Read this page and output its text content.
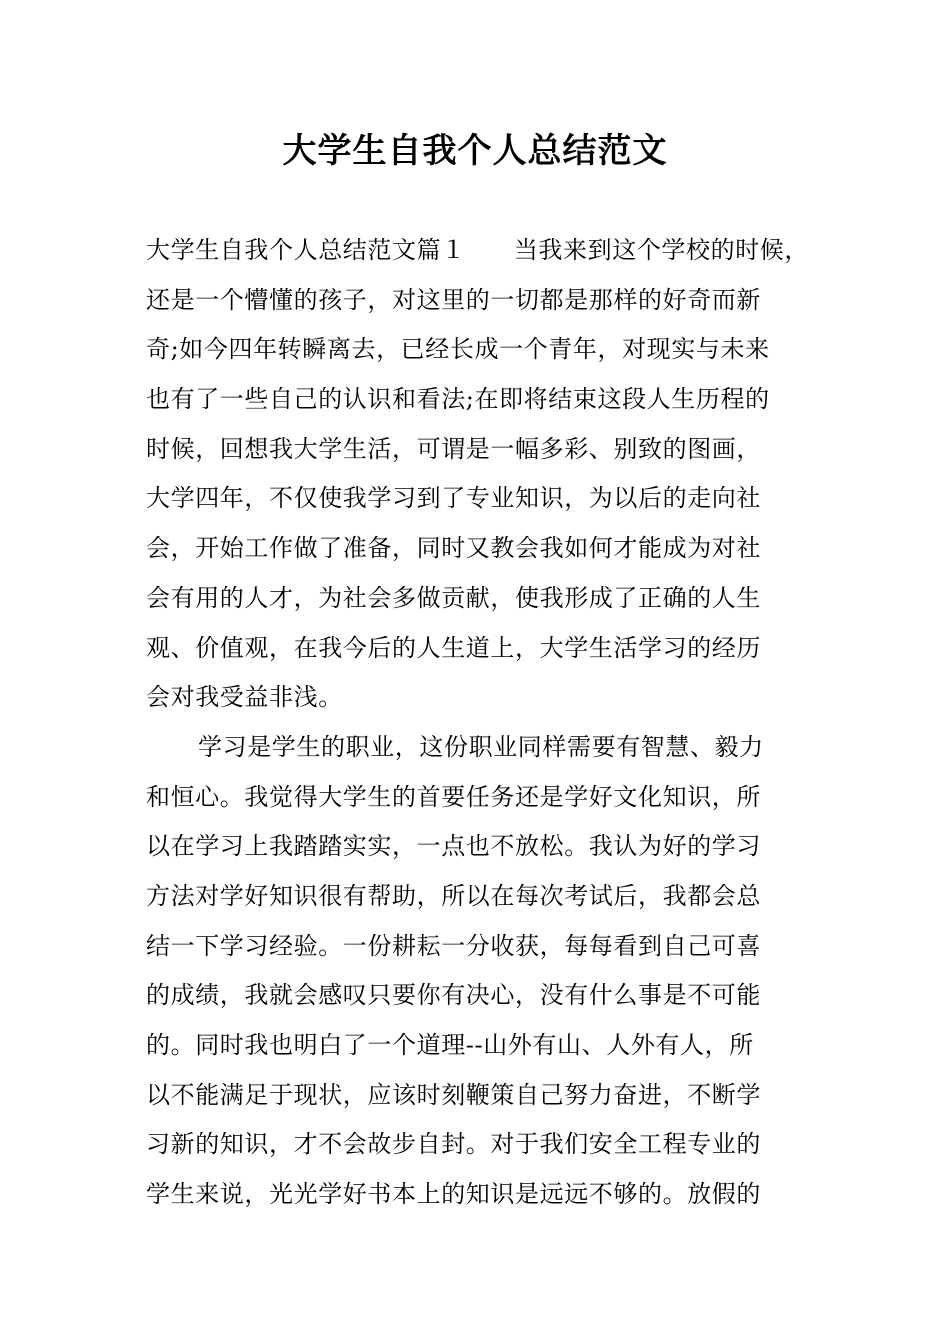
大学生自我个人总结范文
大学生自我个人总结范文篇１ 当我来到这个学校的时候，
还是一个懵懂的孩子，对这里的一切都是那样的好奇而新
奇;如今四年转瞬离去，已经长成一个青年，对现实与未来
也有了一些自己的认识和看法;在即将结束这段人生历程的
时候，回想我大学生活，可谓是一幅多彩、别致的图画，
大学四年，不仅使我学习到了专业知识，为以后的走向社
会，开始工作做了准备，同时又教会我如何才能成为对社
会有用的人才，为社会多做贡献，使我形成了正确的人生
观、价值观，在我今后的人生道上，大学生活学习的经历
会对我受益非浅。
学习是学生的职业，这份职业同样需要有智慧、毅力
和恒心。我觉得大学生的首要任务还是学好文化知识，所
以在学习上我踏踏实实，一点也不放松。我认为好的学习
方法对学好知识很有帮助，所以在每次考试后，我都会总
结一下学习经验。一份耕耘一分收获，每每看到自己可喜
的成绩，我就会感叹只要你有决心，没有什么事是不可能
的。同时我也明白了一个道理--山外有山、人外有人，所
以不能满足于现状，应该时刻鞭策自己努力奋进，不断学
习新的知识，才不会故步自封。对于我们安全工程专业的
学生来说，光光学好书本上的知识是远远不够的。放假的
